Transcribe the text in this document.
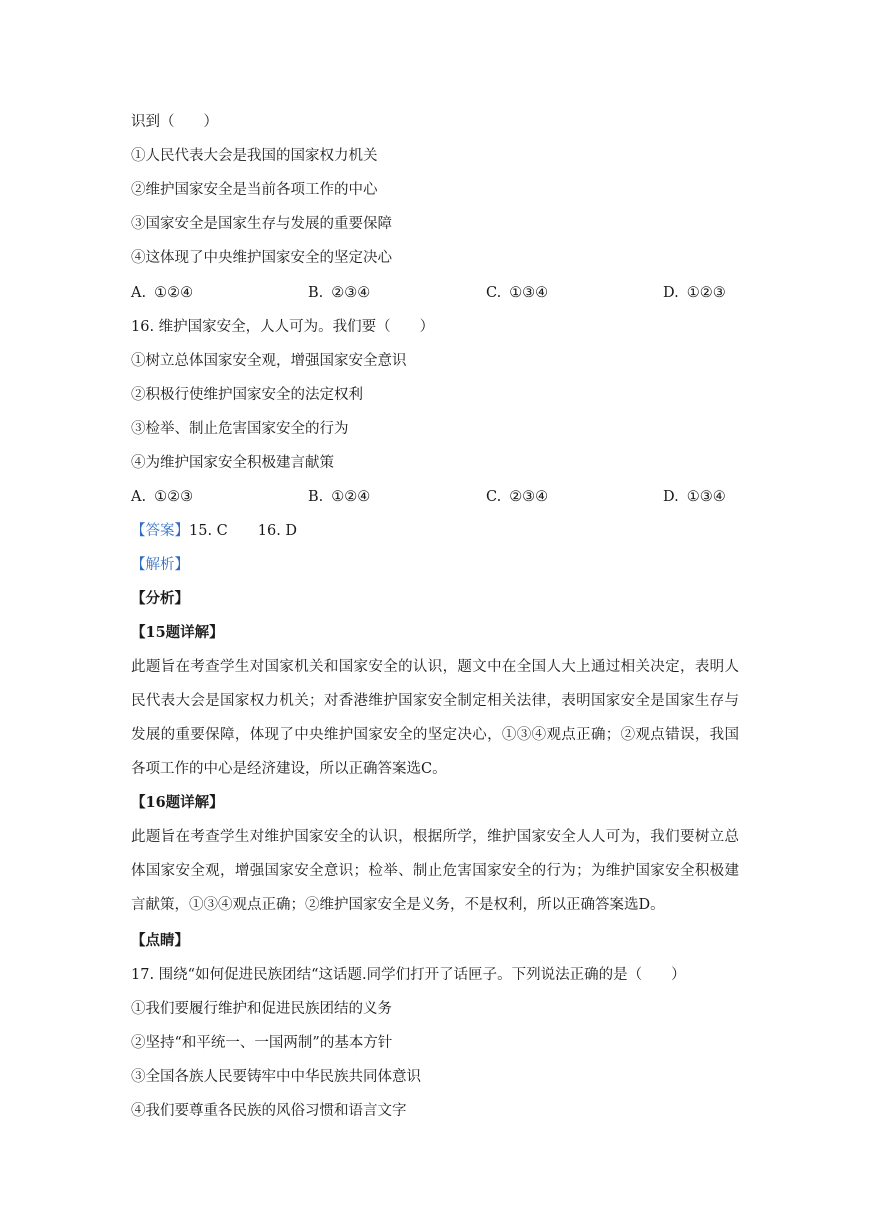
识到（　　）
①人民代表大会是我国的国家权力机关
②维护国家安全是当前各项工作的中心
③国家安全是国家生存与发展的重要保障
④这体现了中央维护国家安全的坚定决心
A. ①②④	B. ②③④	C. ①③④	D. ①②③
16. 维护国家安全，人人可为。我们要（　　）
①树立总体国家安全观，增强国家安全意识
②积极行使维护国家安全的法定权利
③检举、制止危害国家安全的行为
④为维护国家安全积极建言献策
A. ①②③	B. ①②④	C. ②③④	D. ①③④
【答案】15. C 16. D
【解析】
【分析】
【15题详解】
此题旨在考查学生对国家机关和国家安全的认识，题文中在全国人大上通过相关决定，表明人民代表大会是国家权力机关；对香港维护国家安全制定相关法律，表明国家安全是国家生存与发展的重要保障，体现了中央维护国家安全的坚定决心，①③④观点正确；②观点错误，我国各项工作的中心是经济建设，所以正确答案选C。
【16题详解】
此题旨在考查学生对维护国家安全的认识，根据所学，维护国家安全人人可为，我们要树立总体国家安全观，增强国家安全意识；检举、制止危害国家安全的行为；为维护国家安全积极建言献策，①③④观点正确；②维护国家安全是义务，不是权利，所以正确答案选D。
【点睛】
17. 围绕“如何促进民族团结“这话题.同学们打开了话匣子。下列说法正确的是（　　）
①我们要履行维护和促进民族团结的义务
②坚持“和平统一、一国两制”的基本方针
③全国各族人民要铸牢中中华民族共同体意识
④我们要尊重各民族的风俗习惯和语言文字
